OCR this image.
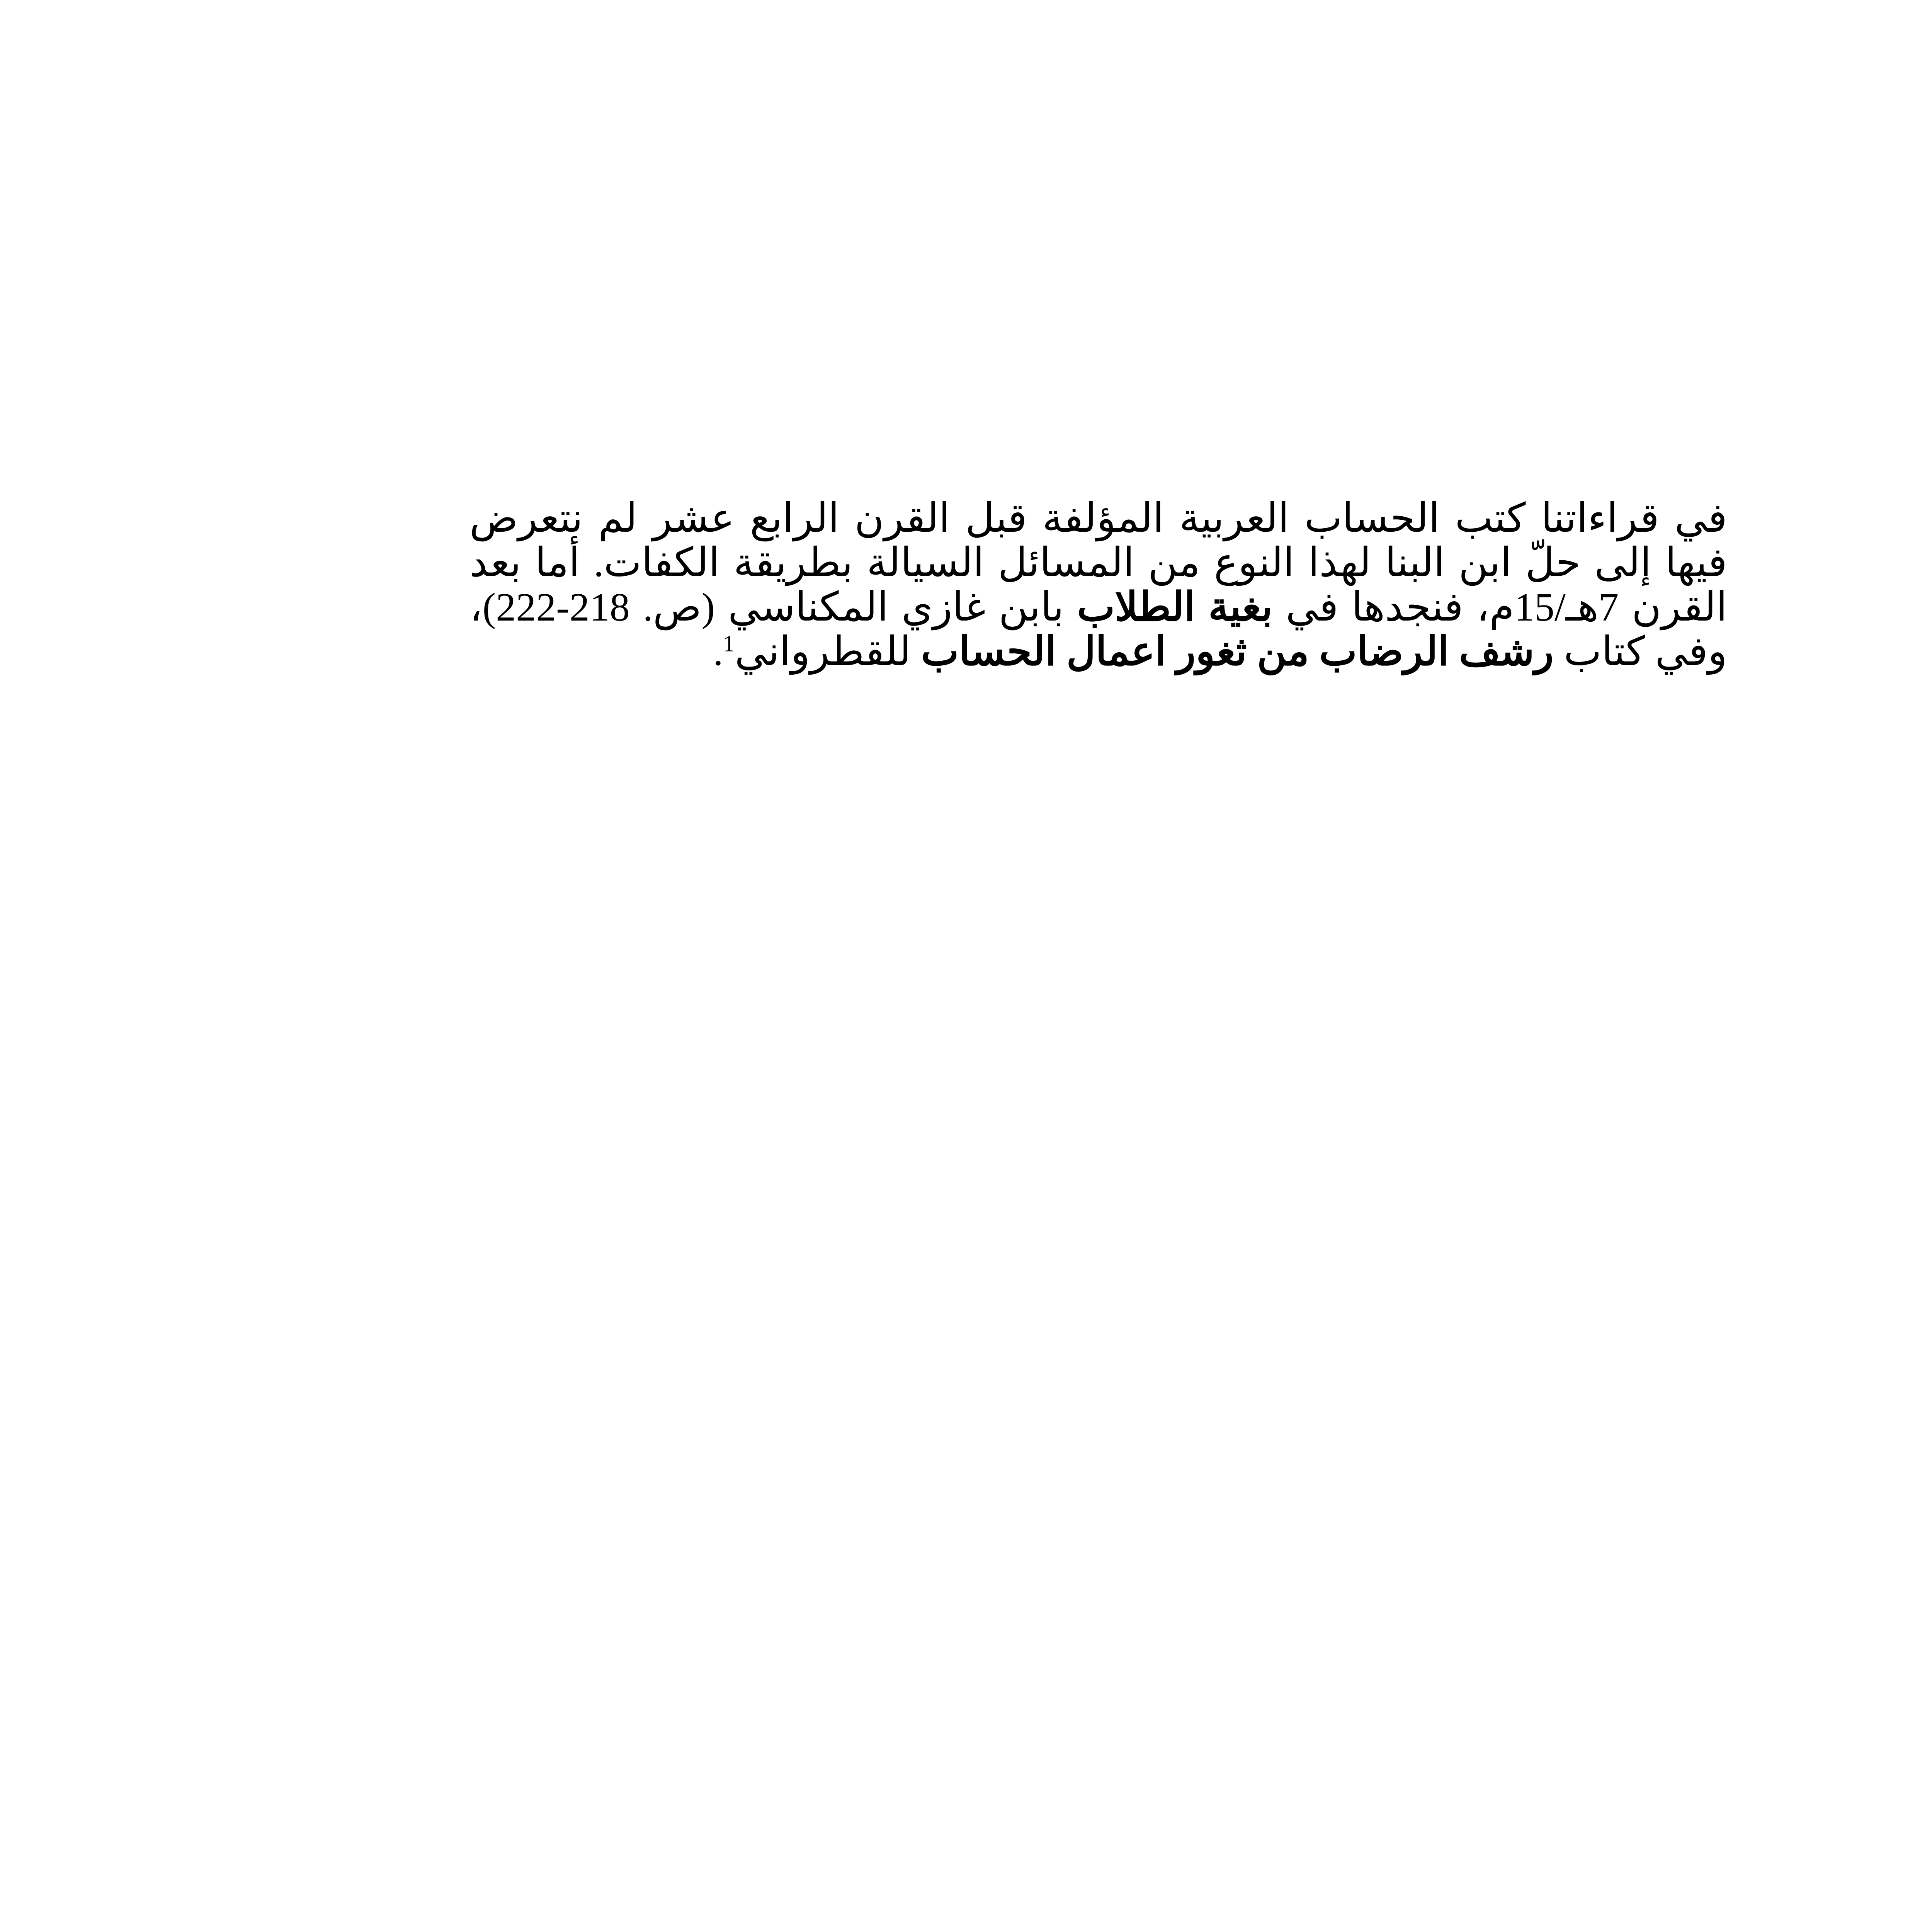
في قراءاتنا كتب الحساب العربية المؤلفة قبل القرن الرابع عشر لم نتعرض فيها إلى حلّ ابن البنا لهذا النوع من المسائل السيالة بطريقة الكفات. أما بعد القرن 7هـ/15م، فنجدها في بغية الطلاب بابن غازي المكناسي (ص. 218-222)، وفي كتاب رشف الرضاب من ثغور اعمال الحساب للقطرواني$^1$.
